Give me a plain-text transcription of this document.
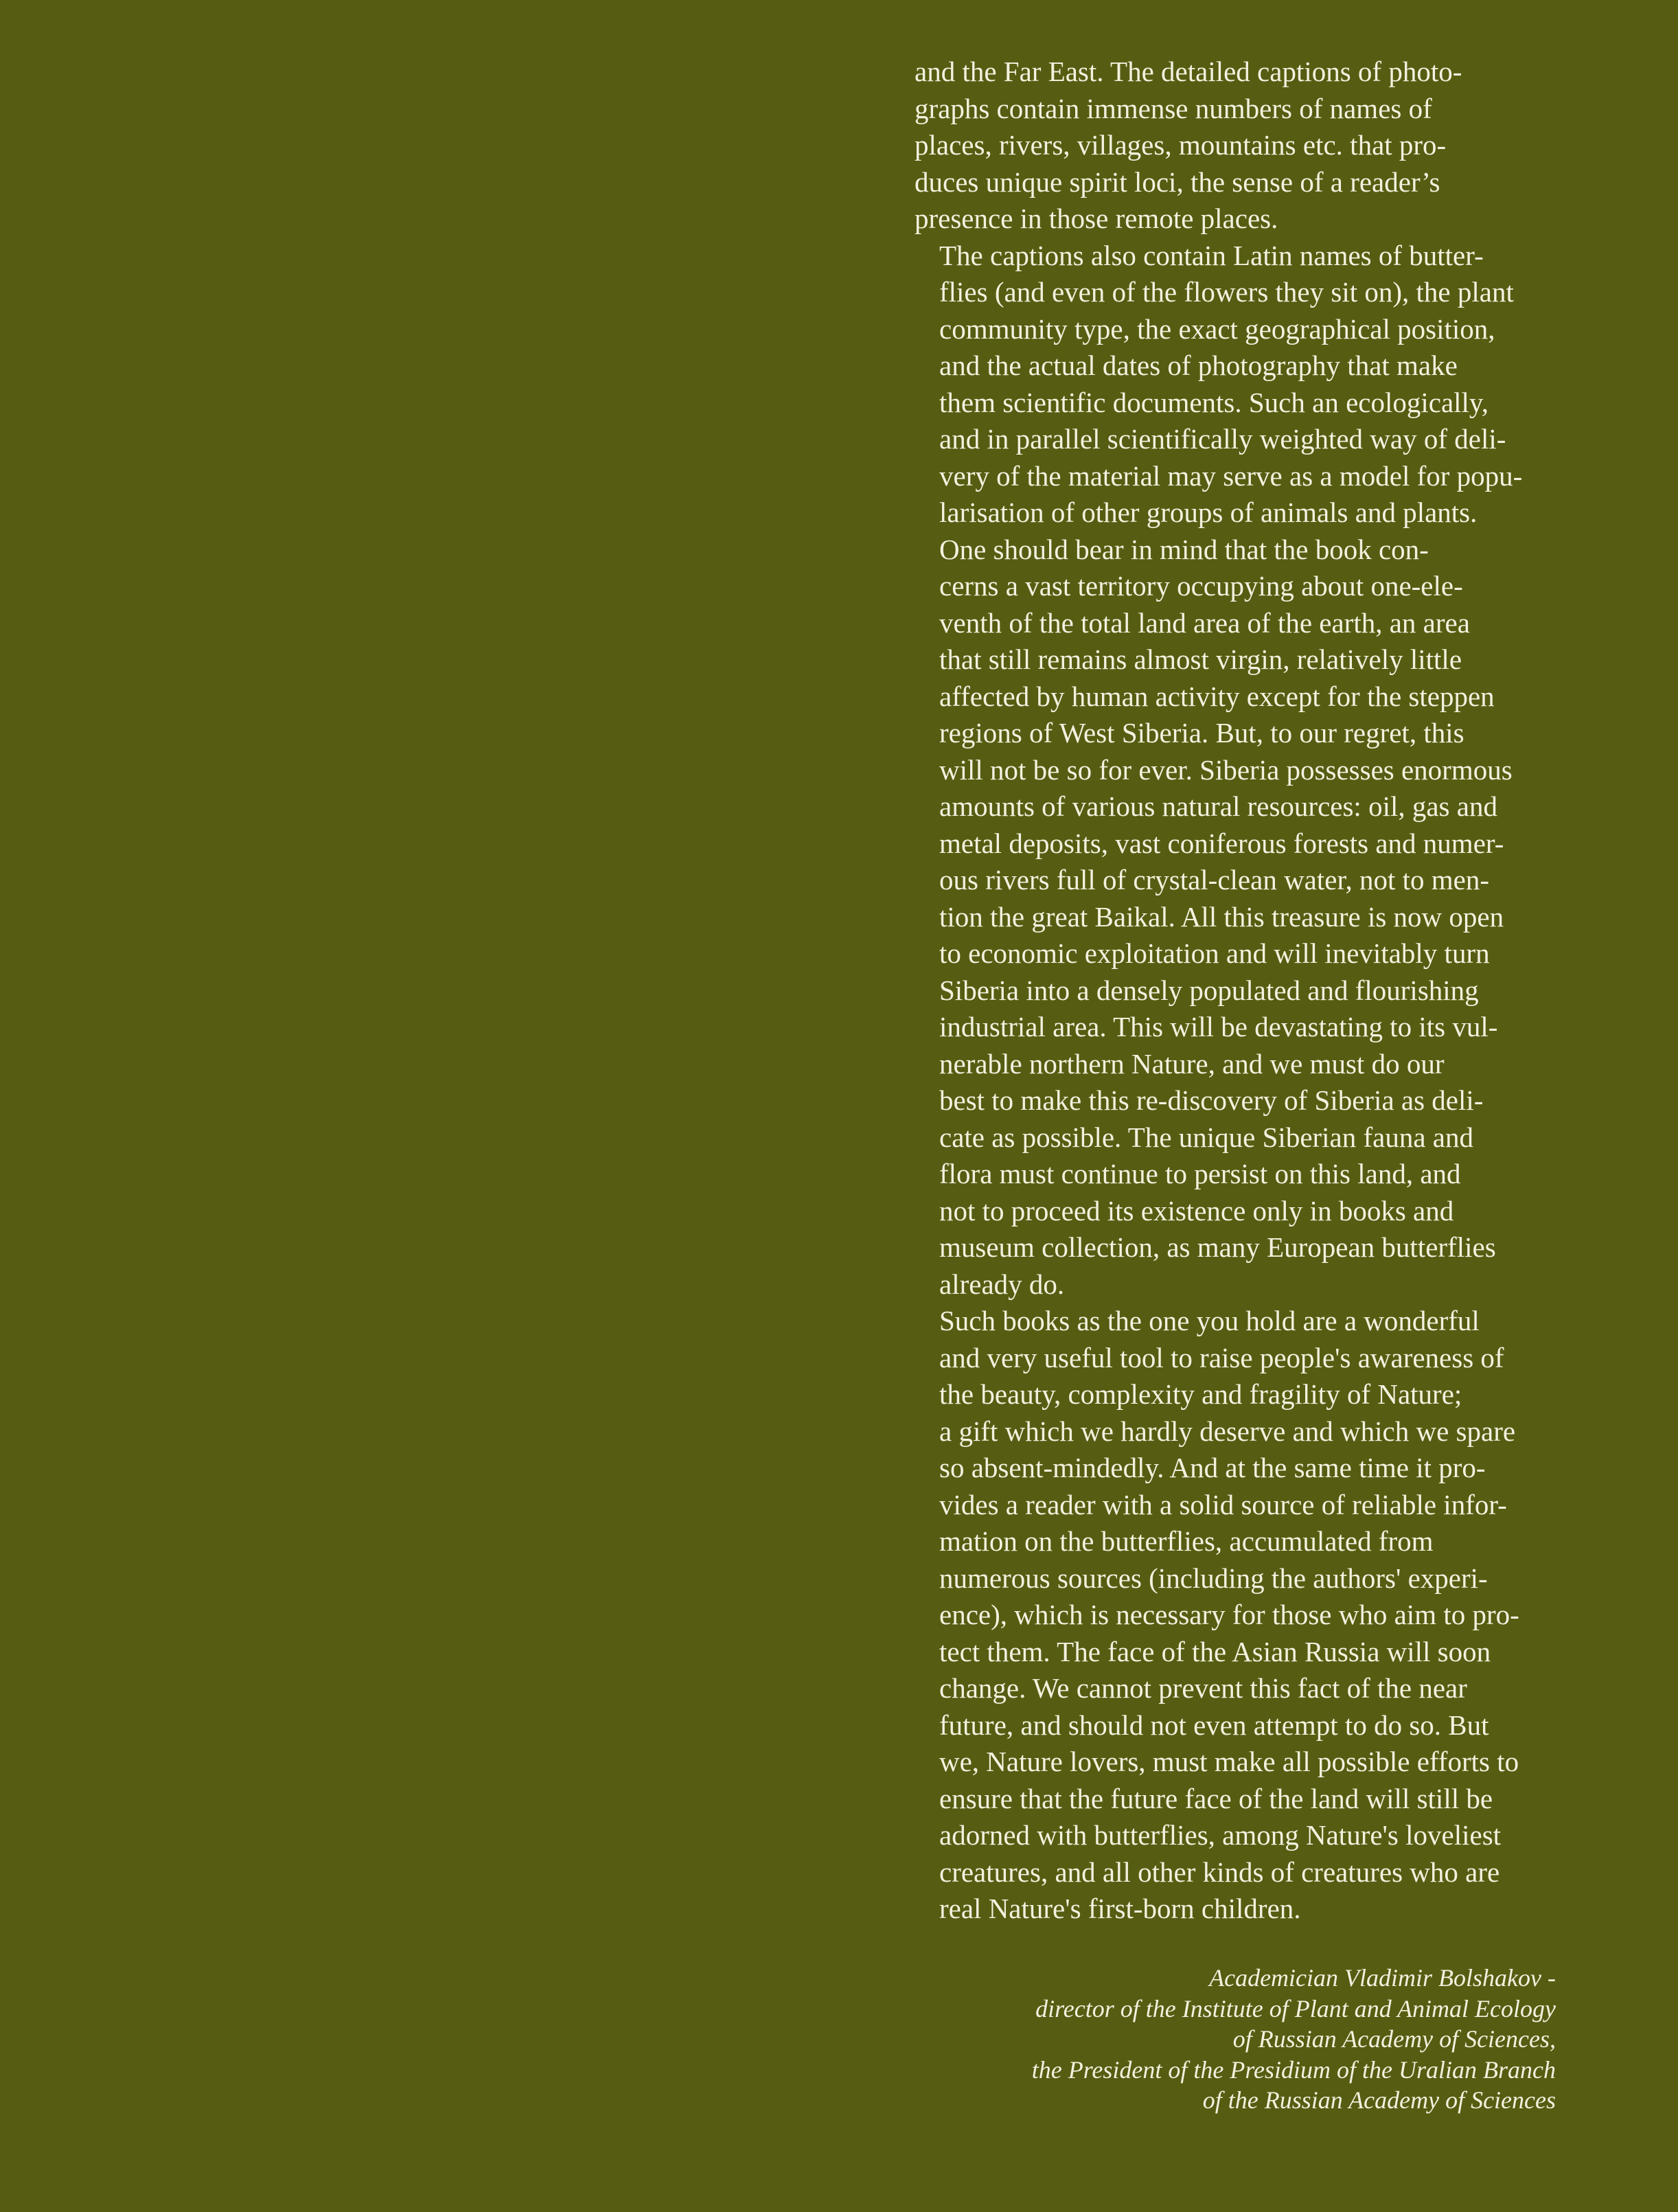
and the Far East. The detailed captions of photo-
graphs contain immense numbers of names of
places, rivers, villages, mountains etc. that pro-
duces unique spirit loci, the sense of a reader’s
presence in those remote places.

The captions also contain Latin names of butter-
flies (and even of the flowers they sit on), the plant
community type, the exact geographical position,
and the actual dates of photography that make
them scientific documents. Such an ecologically,
and in parallel scientifically weighted way of deli-
very of the material may serve as a model for popu-
larisation of other groups of animals and plants.

One should bear in mind that the book con-
cerns a vast territory occupying about one-ele-
venth of the total land area of the earth, an area
that still remains almost virgin, relatively little
affected by human activity except for the steppen
regions of West Siberia. But, to our regret, this
will not be so for ever. Siberia possesses enormous
amounts of various natural resources: oil, gas and
metal deposits, vast coniferous forests and numer-
ous rivers full of crystal-clean water, not to men-
tion the great Baikal. All this treasure is now open
to economic exploitation and will inevitably turn
Siberia into a densely populated and flourishing
industrial area. This will be devastating to its vul-
nerable northern Nature, and we must do our
best to make this re-discovery of Siberia as deli-
cate as possible. The unique Siberian fauna and
flora must continue to persist on this land, and
not to proceed its existence only in books and
museum collection, as many European butterflies
already do.

Such books as the one you hold are a wonderful
and very useful tool to raise people's awareness of
the beauty, complexity and fragility of Nature;
a gift which we hardly deserve and which we spare
so absent-mindedly. And at the same time it pro-
vides a reader with a solid source of reliable infor-
mation on the butterflies, accumulated from
numerous sources (including the authors' experi-
ence), which is necessary for those who aim to pro-
tect them. The face of the Asian Russia will soon
change. We cannot prevent this fact of the near
future, and should not even attempt to do so. But
we, Nature lovers, must make all possible efforts to
ensure that the future face of the land will still be
adorned with butterflies, among Nature's loveliest
creatures, and all other kinds of creatures who are
real Nature's first-born children.

Academician Vladimir Bolshakov -
director of the Institute of Plant and Animal Ecology
of Russian Academy of Sciences,
the President of the Presidium of the Uralian Branch
of the Russian Academy of Sciences
